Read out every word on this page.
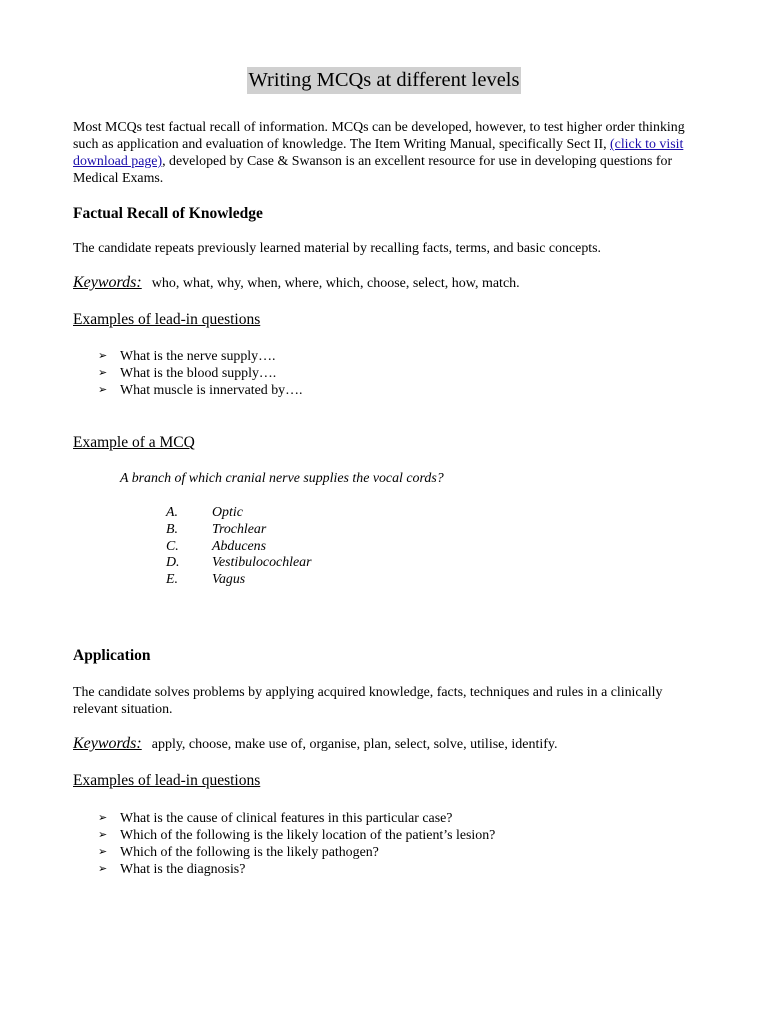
Writing MCQs at different levels

Most MCQs test factual recall of information. MCQs can be developed, however, to test higher order thinking such as application and evaluation of knowledge. The Item Writing Manual, specifically Sect II, (click to visit download page), developed by Case & Swanson is an excellent resource for use in developing questions for Medical Exams.

Factual Recall of Knowledge
The candidate repeats previously learned material by recalling facts, terms, and basic concepts.
Keywords: who, what, why, when, where, which, choose, select, how, match.
Examples of lead-in questions
➢ What is the nerve supply….
➢ What is the blood supply….
➢ What muscle is innervated by….
Example of a MCQ
A branch of which cranial nerve supplies the vocal cords?
A.	Optic
B.	Trochlear
C.	Abducens
D.	Vestibulocochlear
E.	Vagus
Application
The candidate solves problems by applying acquired knowledge, facts, techniques and rules in a clinically relevant situation.
Keywords: apply, choose, make use of, organise, plan, select, solve, utilise, identify.
Examples of lead-in questions
➢ What is the cause of clinical features in this particular case?
➢ Which of the following is the likely location of the patient’s lesion?
➢ Which of the following is the likely pathogen?
➢ What is the diagnosis?
